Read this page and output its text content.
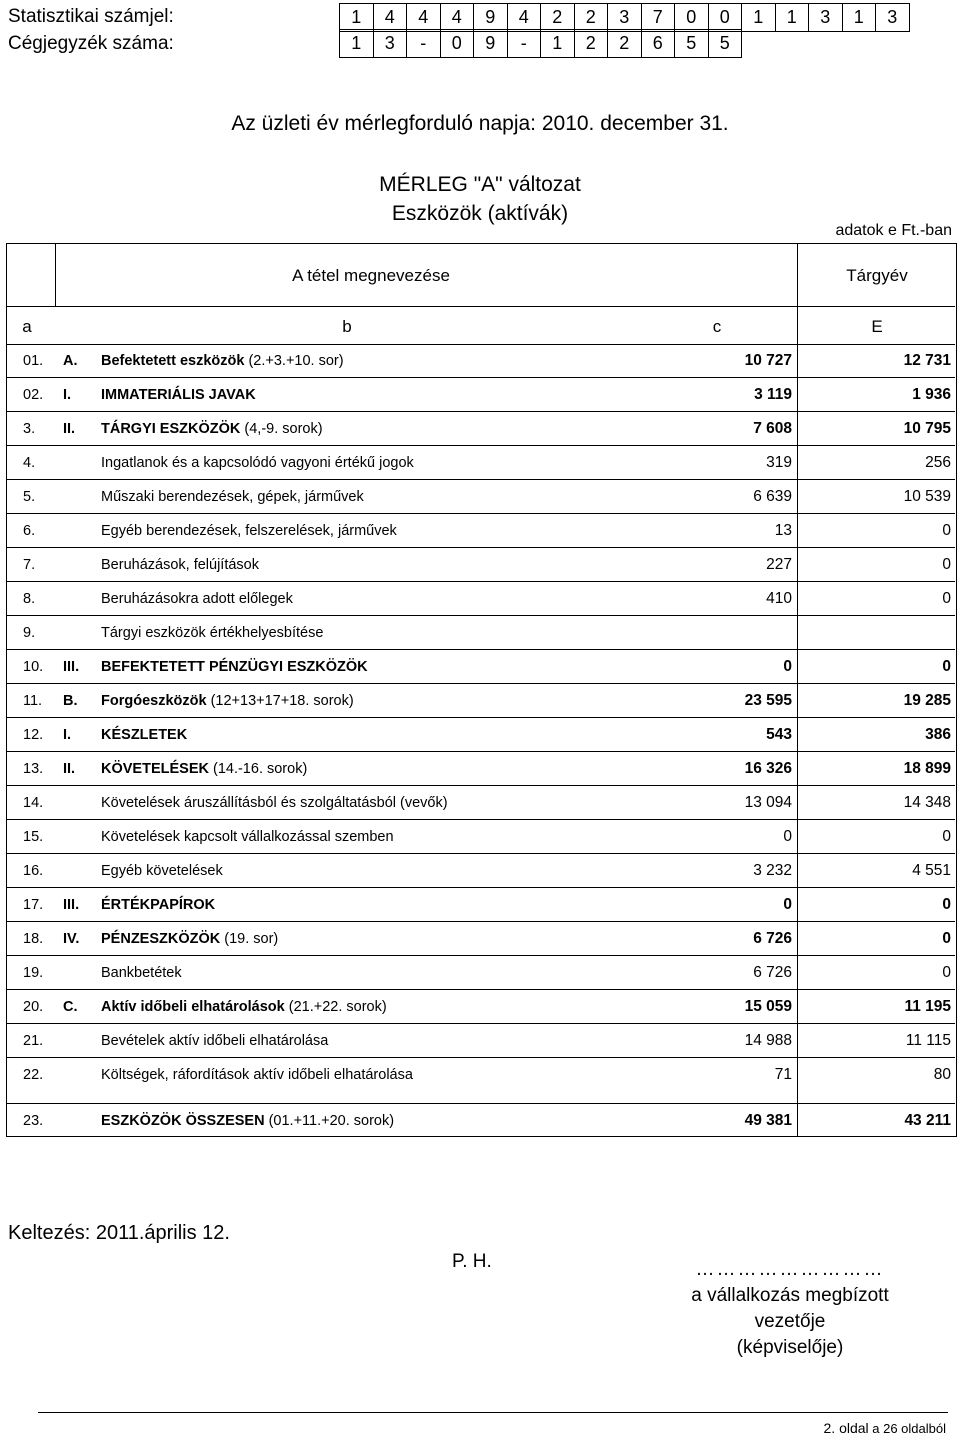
Statisztikai számjel:	1	4	4	4	9	4	2	2	3	7	0	0	1	1	3	1	3
Cégjegyzék száma:	1	3	-	0	9	-	1	2	2	6	5	5
Az üzleti év mérlegforduló napja: 2010. december 31.
MÉRLEG "A" változat
Eszközök (aktívák)
adatok e Ft.-ban
A tétel megnevezése	Tárgyév
a	b	c	E
01. A. Befektetett eszközök (2.+3.+10. sor)	10 727	12 731
02. I. IMMATERIÁLIS JAVAK	3 119	1 936
3. II. TÁRGYI ESZKÖZÖK (4,-9. sorok)	7 608	10 795
4.	Ingatlanok és a kapcsolódó vagyoni értékű jogok	319	256
5.	Műszaki berendezések, gépek, járművek	6 639	10 539
6.	Egyéb berendezések, felszerelések, járművek	13	0
7.	Beruházások, felújítások	227	0
8.	Beruházásokra adott előlegek	410	0
9.	Tárgyi eszközök értékhelyesbítése
10. III. BEFEKTETETT PÉNZÜGYI ESZKÖZÖK	0	0
11. B. Forgóeszközök (12+13+17+18. sorok)	23 595	19 285
12. I. KÉSZLETEK	543	386
13. II. KÖVETELÉSEK (14.-16. sorok)	16 326	18 899
14.	Követelések áruszállításból és szolgáltatásból (vevők)	13 094	14 348
15.	Követelések kapcsolt vállalkozással szemben	0	0
16.	Egyéb követelések	3 232	4 551
17. III. ÉRTÉKPAPÍROK	0	0
18. IV. PÉNZESZKÖZÖK (19. sor)	6 726	0
19.	Bankbetétek	6 726	0
20. C. Aktív időbeli elhatárolások (21.+22. sorok)	15 059	11 195
21.	Bevételek aktív időbeli elhatárolása	14 988	11 115
22.	Költségek, ráfordítások aktív időbeli elhatárolása	71	80
23.	ESZKÖZÖK ÖSSZESEN (01.+11.+20. sorok)	49 381	43 211
Keltezés: 2011.április 12.
P. H.	………………………
a vállalkozás megbízott
vezetője
(képviselője)
2. oldal a 26 oldalból
